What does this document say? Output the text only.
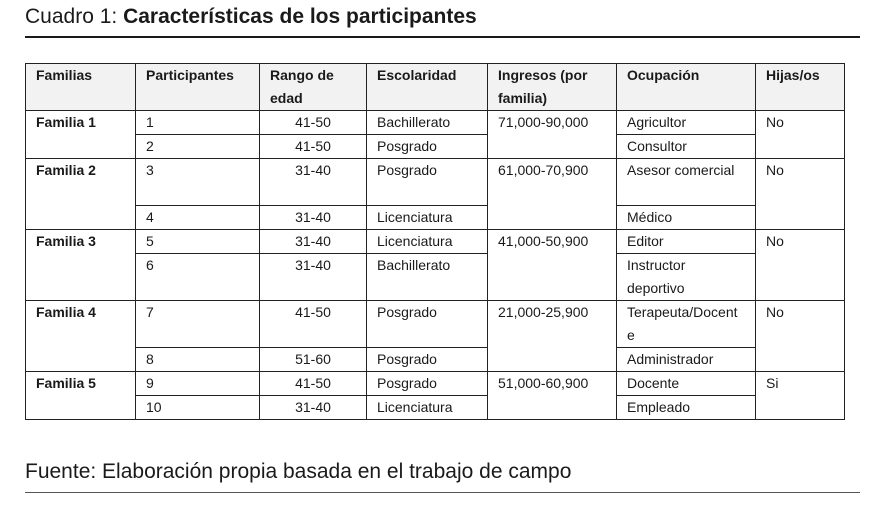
Cuadro 1: Características de los participantes
Familias	Participantes	Rango de edad	Escolaridad	Ingresos (por familia)	Ocupación	Hijas/os
Familia 1	1	41-50	Bachillerato	71,000-90,000	Agricultor	No
	2	41-50	Posgrado		Consultor	
Familia 2	3	31-40	Posgrado	61,000-70,900	Asesor comercial	No
	4	31-40	Licenciatura		Médico	
Familia 3	5	31-40	Licenciatura	41,000-50,900	Editor	No
	6	31-40	Bachillerato		Instructor deportivo	
Familia 4	7	41-50	Posgrado	21,000-25,900	Terapeuta/Docente	No
	8	51-60	Posgrado		Administrador	
Familia 5	9	41-50	Posgrado	51,000-60,900	Docente	Si
	10	31-40	Licenciatura		Empleado	
Fuente: Elaboración propia basada en el trabajo de campo
